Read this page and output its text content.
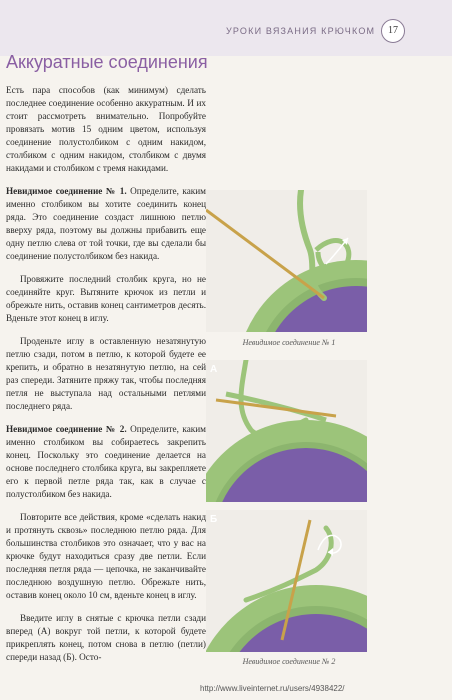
УРОКИ ВЯЗАНИЯ КРЮЧКОМ	17
Аккуратные соединения

Есть пара способов (как минимум) сделать последнее соединение особенно аккуратным. И их стоит рассмотреть внимательно. Попробуйте провязать мотив 15 одним цветом, используя соединение полустолбиком с одним накидом, столбиком с одним накидом, столбиком с двумя накидами и столбиком с тремя накидами.

Невидимое соединение № 1. Определите, каким именно столбиком вы хотите соединить конец ряда. Это соединение создаст лишнюю петлю вверху ряда, поэтому вы должны прибавить еще одну петлю слева от той точки, где вы сделали бы соединение полустолбиком без накида.

Провяжите последний столбик круга, но не соединяйте круг. Вытяните крючок из петли и обрежьте нить, оставив конец сантиметров десять. Вденьте этот конец в иглу.

Проденьте иглу в оставленную незатянутую петлю сзади, потом в петлю, к которой будете ее крепить, и обратно в незатянутую петлю, на сей раз спереди. Затяните пряжу так, чтобы последняя петля не выступала над остальными петлями последнего ряда.

Невидимое соединение № 2. Определите, каким именно столбиком вы собираетесь закрепить конец. Поскольку это соединение делается на основе последнего столбика круга, вы закрепляете его к первой петле ряда так, как в случае с полустолбиком без накида.

Повторите все действия, кроме «сделать накид и протянуть сквозь» последнюю петлю ряда. Для большинства столбиков это означает, что у вас на крючке будут находиться сразу две петли. Если последняя петля ряда — цепочка, не заканчивайте последнюю воздушную петлю. Обрежьте нить, оставив конец около 10 см, вденьте конец в иглу.

Введите иглу в снятые с крючка петли сзади вперед (А) вокруг той петли, к которой будете прикреплять конец, потом снова в петлю (петли) спереди назад (Б). Осто-

Невидимое соединение № 1
А
Б
Невидимое соединение № 2
http://www.liveinternet.ru/users/4938422/
